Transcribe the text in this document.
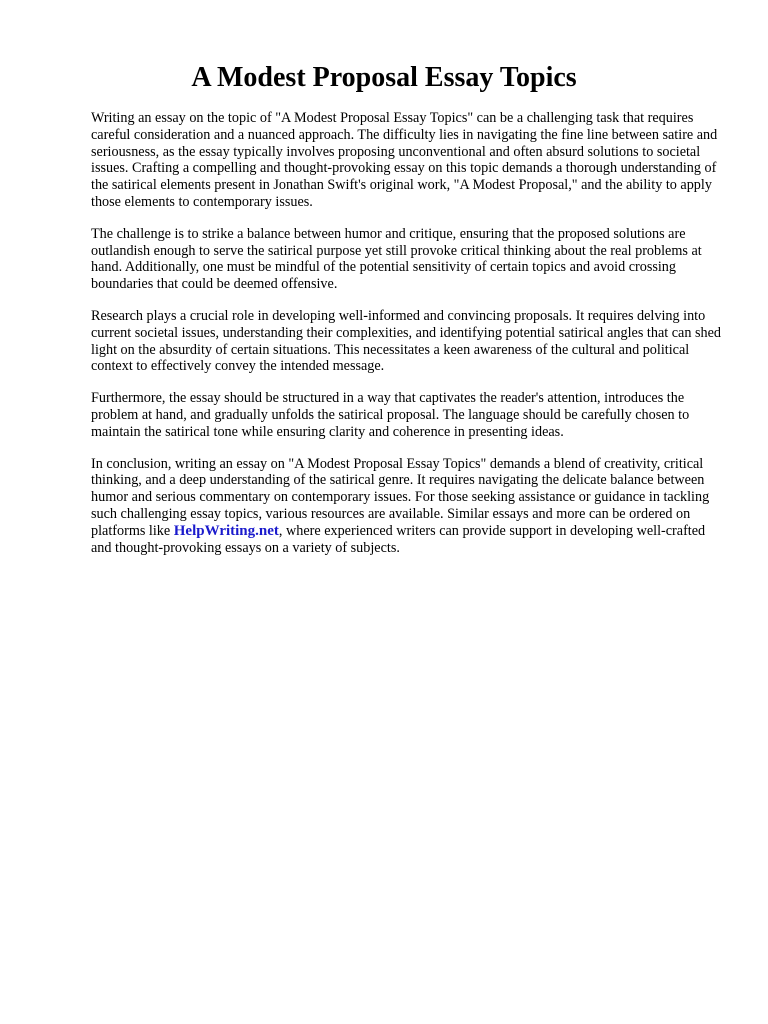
A Modest Proposal Essay Topics

Writing an essay on the topic of "A Modest Proposal Essay Topics" can be a challenging task that requires careful consideration and a nuanced approach. The difficulty lies in navigating the fine line between satire and seriousness, as the essay typically involves proposing unconventional and often absurd solutions to societal issues. Crafting a compelling and thought-provoking essay on this topic demands a thorough understanding of the satirical elements present in Jonathan Swift's original work, "A Modest Proposal," and the ability to apply those elements to contemporary issues.

The challenge is to strike a balance between humor and critique, ensuring that the proposed solutions are outlandish enough to serve the satirical purpose yet still provoke critical thinking about the real problems at hand. Additionally, one must be mindful of the potential sensitivity of certain topics and avoid crossing boundaries that could be deemed offensive.

Research plays a crucial role in developing well-informed and convincing proposals. It requires delving into current societal issues, understanding their complexities, and identifying potential satirical angles that can shed light on the absurdity of certain situations. This necessitates a keen awareness of the cultural and political context to effectively convey the intended message.

Furthermore, the essay should be structured in a way that captivates the reader's attention, introduces the problem at hand, and gradually unfolds the satirical proposal. The language should be carefully chosen to maintain the satirical tone while ensuring clarity and coherence in presenting ideas.

In conclusion, writing an essay on "A Modest Proposal Essay Topics" demands a blend of creativity, critical thinking, and a deep understanding of the satirical genre. It requires navigating the delicate balance between humor and serious commentary on contemporary issues. For those seeking assistance or guidance in tackling such challenging essay topics, various resources are available. Similar essays and more can be ordered on platforms like HelpWriting.net, where experienced writers can provide support in developing well-crafted and thought-provoking essays on a variety of subjects.
